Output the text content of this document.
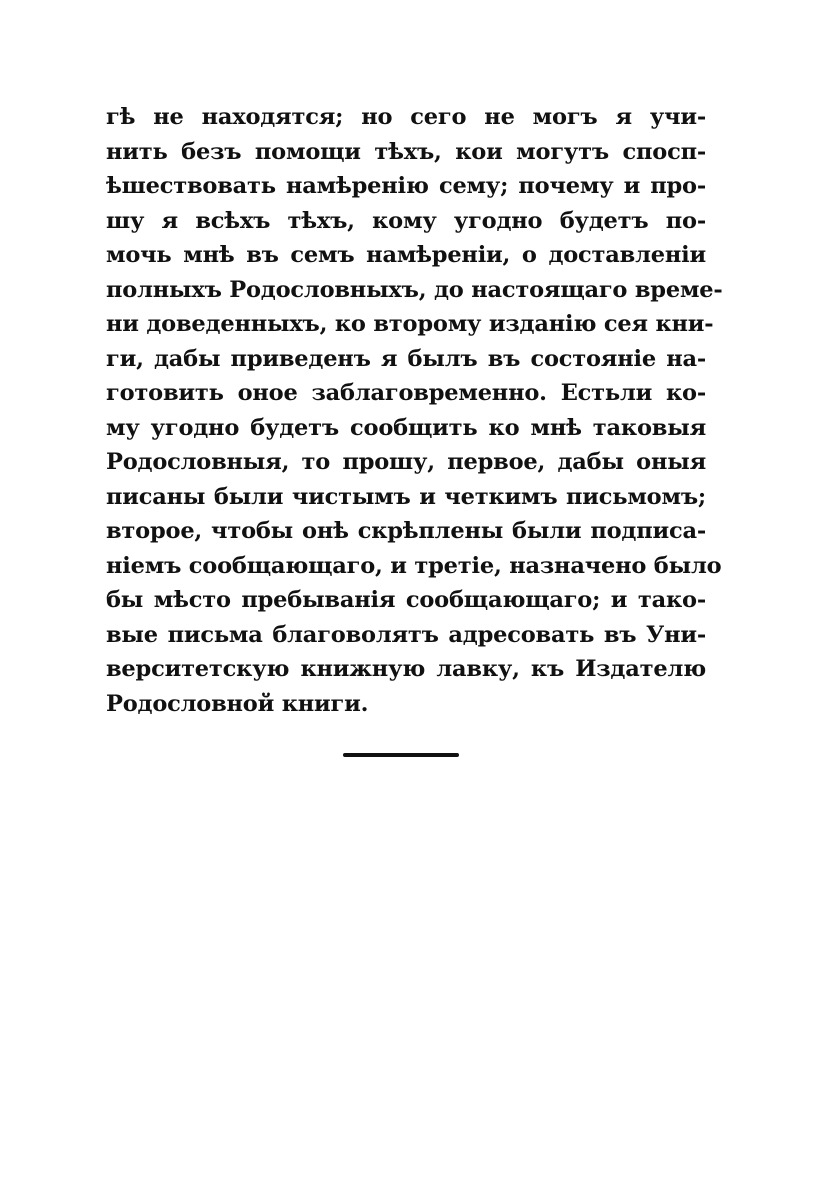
гѣ не находятся; но сего не могъ я учи-
нить безъ помощи тѣхъ, кои могутъ спосп-
ѣшествовать намѣренію сему; почему и про-
шу я всѣхъ тѣхъ, кому угодно будетъ по-
мочь мнѣ въ семъ намѣреніи, о доставленіи
полныхъ Родословныхъ, до настоящаго време-
ни доведенныхъ, ко второму изданію сея кни-
ги, дабы приведенъ я былъ въ состояніе на-
готовить оное заблаговременно. Естьли ко-
му угодно будетъ сообщить ко мнѣ таковыя
Родословныя, то прошу, первое, дабы оныя
писаны были чистымъ и четкимъ письмомъ;
второе, чтобы онѣ скрѣплены были подписа-
ніемъ сообщающаго, и третіе, назначено было
бы мѣсто пребыванія сообщающаго; и тако-
вые письма благоволятъ адресовать въ Уни-
верситетскую книжную лавку, къ Издателю
Родословной книги.
